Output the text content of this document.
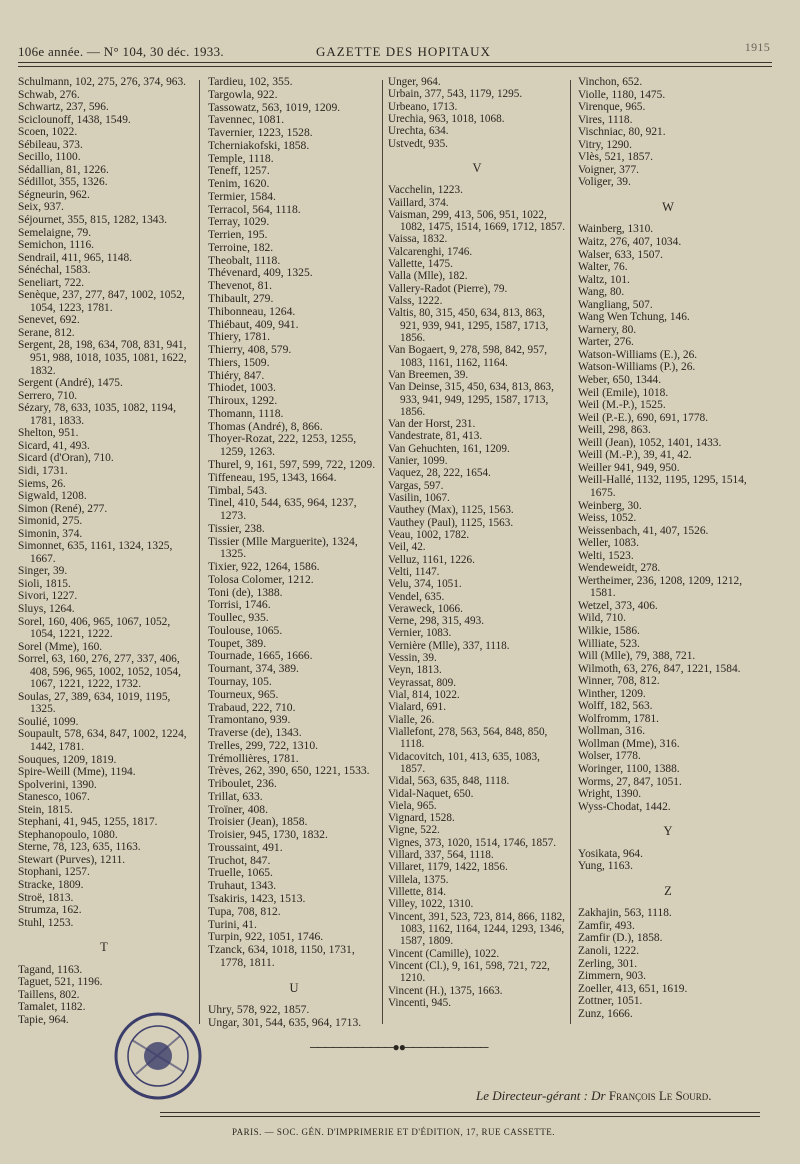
106e année. — N° 104, 30 déc. 1933.	GAZETTE DES HOPITAUX	1915
Schulmann, 102, 275, 276, 374, 963.
Schwab, 276.
Schwartz, 237, 596.
Sciclounoff, 1438, 1549.
Scoen, 1022.
Sébileau, 373.
Secillo, 1100.
Sédallian, 81, 1226.
Sédillot, 355, 1326.
Ségneurin, 962.
Seix, 937.
Séjournet, 355, 815, 1282, 1343.
Semelaigne, 79.
Semichon, 1116.
Sendrail, 411, 965, 1148.
Sénéchal, 1583.
Seneliart, 722.
Senèque, 237, 277, 847, 1002, 1052, 1054, 1223, 1781.
Senevet, 692.
Serane, 812.
Sergent, 28, 198, 634, 708, 831, 941, 951, 988, 1018, 1035, 1081, 1622, 1832.
Sergent (André), 1475.
Serrero, 710.
Sézary, 78, 633, 1035, 1082, 1194, 1781, 1833.
Shelton, 951.
Sicard, 41, 493.
Sicard (d'Oran), 710.
Sidi, 1731.
Siems, 26.
Sigwald, 1208.
Simon (René), 277.
Simonid, 275.
Simonin, 374.
Simonnet, 635, 1161, 1324, 1325, 1667.
Singer, 39.
Sioli, 1815.
Sivori, 1227.
Sluys, 1264.
Sorel, 160, 406, 965, 1067, 1052, 1054, 1221, 1222.
Sorel (Mme), 160.
Sorrel, 63, 160, 276, 277, 337, 406, 408, 596, 965, 1002, 1052, 1054, 1067, 1221, 1222, 1732.
Soulas, 27, 389, 634, 1019, 1195, 1325.
Soulié, 1099.
Soupault, 578, 634, 847, 1002, 1224, 1442, 1781.
Souques, 1209, 1819.
Spire-Weill (Mme), 1194.
Spolverini, 1390.
Stanesco, 1067.
Stein, 1815.
Stephani, 41, 945, 1255, 1817.
Stephanopoulo, 1080.
Sterne, 78, 123, 635, 1163.
Stewart (Purves), 1211.
Stophani, 1257.
Stracke, 1809.
Stroë, 1813.
Strumza, 162.
Stuhl, 1253.
T
Tagand, 1163.
Taguet, 521, 1196.
Taillens, 802.
Tamalet, 1182.
Tapie, 964.
Tardieu, 102, 355.
Targowla, 922.
Tassowatz, 563, 1019, 1209.
Tavennec, 1081.
Tavernier, 1223, 1528.
Tcherniakofski, 1858.
Temple, 1118.
Teneff, 1257.
Tenim, 1620.
Termier, 1584.
Terracol, 564, 1118.
Terray, 1029.
Terrien, 195.
Terroine, 182.
Theobalt, 1118.
Thévenard, 409, 1325.
Thevenot, 81.
Thibault, 279.
Thibonneau, 1264.
Thiébaut, 409, 941.
Thiery, 1781.
Thierry, 408, 579.
Thiers, 1509.
Thiéry, 847.
Thiodet, 1003.
Thiroux, 1292.
Thomann, 1118.
Thomas (André), 8, 866.
Thoyer-Rozat, 222, 1253, 1255, 1259, 1263.
Thurel, 9, 161, 597, 599, 722, 1209.
Tiffeneau, 195, 1343, 1664.
Timbal, 543.
Tinel, 410, 544, 635, 964, 1237, 1273.
Tissier, 238.
Tissier (Mlle Marguerite), 1324, 1325.
Tixier, 922, 1264, 1586.
Tolosa Colomer, 1212.
Toni (de), 1388.
Torrisi, 1746.
Toullec, 935.
Toulouse, 1065.
Toupet, 389.
Tournade, 1665, 1666.
Tournant, 374, 389.
Tournay, 105.
Tourneux, 965.
Trabaud, 222, 710.
Tramontano, 939.
Traverse (de), 1343.
Trelles, 299, 722, 1310.
Trémollières, 1781.
Trèves, 262, 390, 650, 1221, 1533.
Triboulet, 236.
Trillat, 633.
Troïner, 408.
Troisier (Jean), 1858.
Troisier, 945, 1730, 1832.
Troussaint, 491.
Truchot, 847.
Truelle, 1065.
Truhaut, 1343.
Tsakiris, 1423, 1513.
Tupa, 708, 812.
Turini, 41.
Turpin, 922, 1051, 1746.
Tzanck, 634, 1018, 1150, 1731, 1778, 1811.
U
Uhry, 578, 922, 1857.
Ungar, 301, 544, 635, 964, 1713.
Unger, 964.
Urbain, 377, 543, 1179, 1295.
Urbeano, 1713.
Urechia, 963, 1018, 1068.
Urechta, 634.
Ustvedt, 935.
V
Vacchelin, 1223.
Vaillard, 374.
Vaisman, 299, 413, 506, 951, 1022, 1082, 1475, 1514, 1669, 1712, 1857.
Vaissa, 1832.
Valcarenghi, 1746.
Vallette, 1475.
Valla (Mlle), 182.
Vallery-Radot (Pierre), 79.
Valss, 1222.
Valtis, 80, 315, 450, 634, 813, 863, 921, 939, 941, 1295, 1587, 1713, 1856.
Van Bogaert, 9, 278, 598, 842, 957, 1083, 1161, 1162, 1164.
Van Breemen, 39.
Van Deinse, 315, 450, 634, 813, 863, 933, 941, 949, 1295, 1587, 1713, 1856.
Van der Horst, 231.
Vandestrate, 81, 413.
Van Gehuchten, 161, 1209.
Vanier, 1099.
Vaquez, 28, 222, 1654.
Vargas, 597.
Vasilin, 1067.
Vauthey (Max), 1125, 1563.
Vauthey (Paul), 1125, 1563.
Veau, 1002, 1782.
Veil, 42.
Velluz, 1161, 1226.
Velti, 1147.
Velu, 374, 1051.
Vendel, 635.
Veraweck, 1066.
Verne, 298, 315, 493.
Vernier, 1083.
Vernière (Mlle), 337, 1118.
Vessin, 39.
Veyn, 1813.
Veyrassat, 809.
Vial, 814, 1022.
Vialard, 691.
Vialle, 26.
Viallefont, 278, 563, 564, 848, 850, 1118.
Vidacovitch, 101, 413, 635, 1083, 1857.
Vidal, 563, 635, 848, 1118.
Vidal-Naquet, 650.
Viela, 965.
Vignard, 1528.
Vigne, 522.
Vignes, 373, 1020, 1514, 1746, 1857.
Villard, 337, 564, 1118.
Villaret, 1179, 1422, 1856.
Villela, 1375.
Villette, 814.
Villey, 1022, 1310.
Vincent, 391, 523, 723, 814, 866, 1182, 1083, 1162, 1164, 1244, 1293, 1346, 1587, 1809.
Vincent (Camille), 1022.
Vincent (Cl.), 9, 161, 598, 721, 722, 1210.
Vincent (H.), 1375, 1663.
Vincenti, 945.
Vinchon, 652.
Violle, 1180, 1475.
Virenque, 965.
Vires, 1118.
Vischniac, 80, 921.
Vitry, 1290.
Vlès, 521, 1857.
Voigner, 377.
Voliger, 39.
W
Wainberg, 1310.
Waitz, 276, 407, 1034.
Walser, 633, 1507.
Walter, 76.
Waltz, 101.
Wang, 80.
Wangliang, 507.
Wang Wen Tchung, 146.
Warnery, 80.
Warter, 276.
Watson-Williams (E.), 26.
Watson-Williams (P.), 26.
Weber, 650, 1344.
Weil (Emile), 1018.
Weil (M.-P.), 1525.
Weil (P.-E.), 690, 691, 1778.
Weill, 298, 863.
Weill (Jean), 1052, 1401, 1433.
Weill (M.-P.), 39, 41, 42.
Weiller 941, 949, 950.
Weill-Hallé, 1132, 1195, 1295, 1514, 1675.
Weinberg, 30.
Weiss, 1052.
Weissenbach, 41, 407, 1526.
Weller, 1083.
Welti, 1523.
Wendeweidt, 278.
Wertheimer, 236, 1208, 1209, 1212, 1581.
Wetzel, 373, 406.
Wild, 710.
Wilkie, 1586.
Williate, 523.
Will (Mlle), 79, 388, 721.
Wilmoth, 63, 276, 847, 1221, 1584.
Winner, 708, 812.
Winther, 1209.
Wolff, 182, 563.
Wolfromm, 1781.
Wollman, 316.
Wollman (Mme), 316.
Wolser, 1778.
Woringer, 1100, 1388.
Worms, 27, 847, 1051.
Wright, 1390.
Wyss-Chodat, 1442.
Y
Yosikata, 964.
Yung, 1163.
Z
Zakhajin, 563, 1118.
Zamfir, 493.
Zamfir (D.), 1858.
Zanoli, 1222.
Zerling, 301.
Zimmern, 903.
Zoeller, 413, 651, 1619.
Zottner, 1051.
Zunz, 1666.
───────────●●───────────
Le Directeur-gérant : Dr François Le Sourd.
PARIS. — SOC. GÉN. D'IMPRIMERIE ET D'ÉDITION, 17, RUE CASSETTE.
